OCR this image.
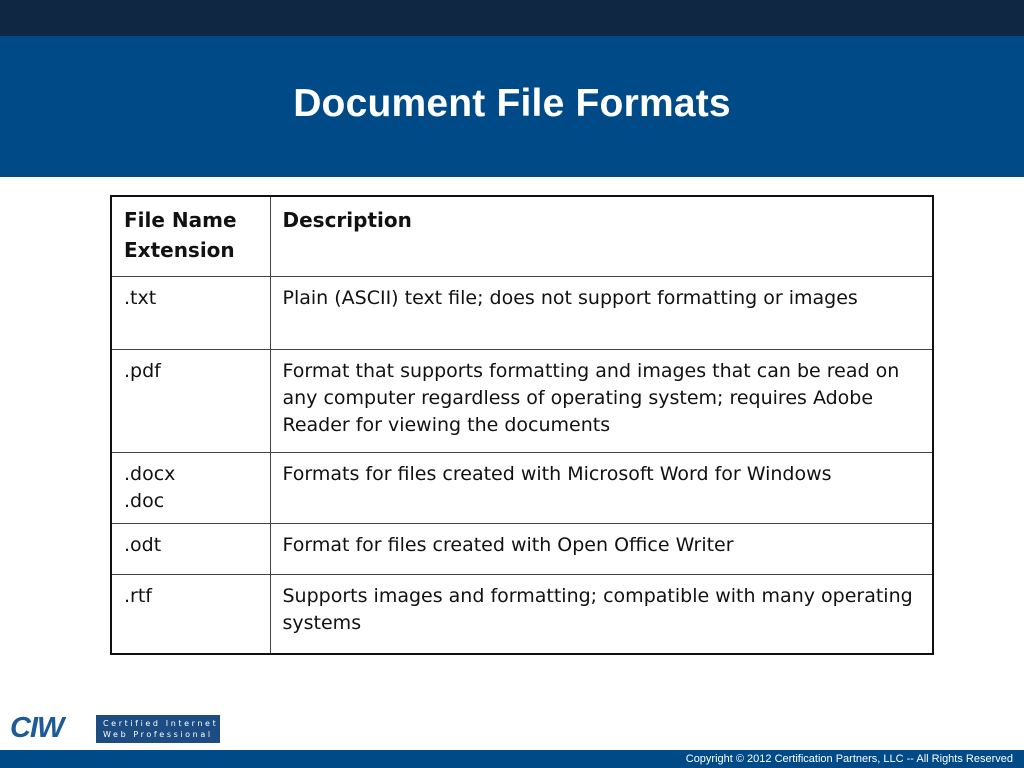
Document File Formats
File Name
Extension	Description

.txt	Plain (ASCII) text file; does not support formatting or images

.pdf	Format that supports formatting and images that can be read on any computer regardless of operating system; requires Adobe Reader for viewing the documents

.docx
.doc	Formats for files created with Microsoft Word for Windows

.odt	Format for files created with Open Office Writer

.rtf	Supports images and formatting; compatible with many operating systems
CIW	Certified Internet
Web Professional
Copyright © 2012 Certification Partners, LLC -- All Rights Reserved
